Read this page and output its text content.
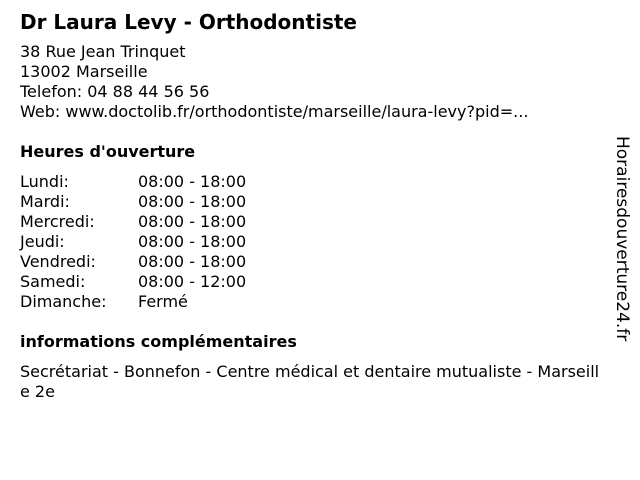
Dr Laura Levy - Orthodontiste
38 Rue Jean Trinquet
13002 Marseille
Telefon: 04 88 44 56 56
Web: www.doctolib.fr/orthodontiste/marseille/laura-levy?pid=...
Heures d'ouverture
Lundi:	08:00 - 18:00
Mardi:	08:00 - 18:00
Mercredi:	08:00 - 18:00
Jeudi:	08:00 - 18:00
Vendredi:	08:00 - 18:00
Samedi:	08:00 - 12:00
Dimanche:	Fermé
informations complémentaires
Secrétariat - Bonnefon - Centre médical et dentaire mutualiste - Marseille 2e
Horairesdouverture24.fr
